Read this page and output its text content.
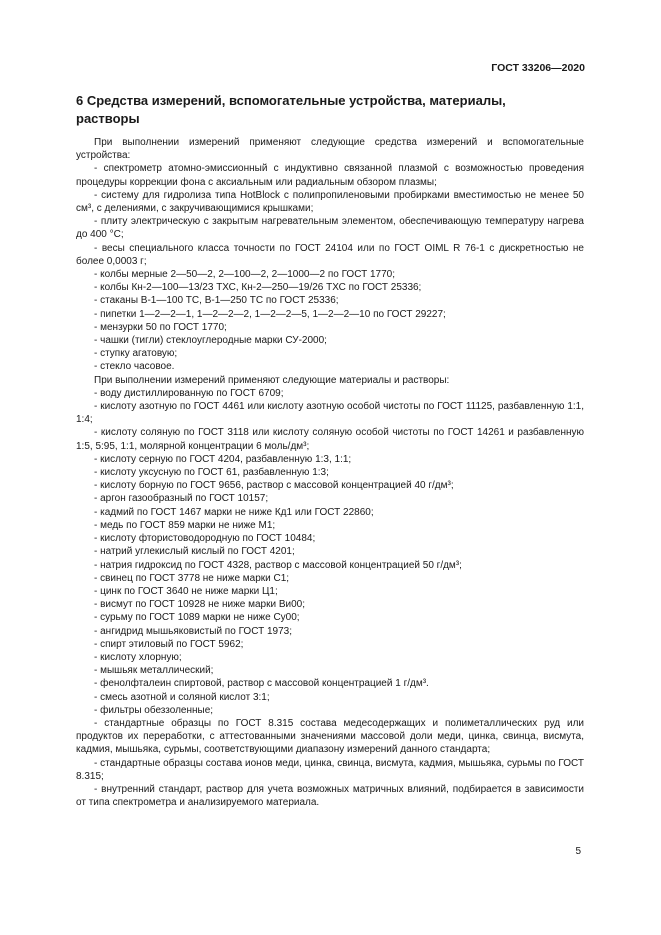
ГОСТ 33206—2020
6 Средства измерений, вспомогательные устройства, материалы,
растворы

При выполнении измерений применяют следующие средства измерений и вспомогательные устройства:

- спектрометр атомно-эмиссионный с индуктивно связанной плазмой с возможностью проведения процедуры коррекции фона с аксиальным или радиальным обзором плазмы;

- систему для гидролиза типа HotBlock с полипропиленовыми пробирками вместимостью не менее 50 см³, с делениями, с закручивающимися крышками;

- плиту электрическую с закрытым нагревательным элементом, обеспечивающую температуру нагрева до 400 °С;

- весы специального класса точности по ГОСТ 24104 или по ГОСТ OIML R 76-1 с дискретностью не более 0,0003 г;

- колбы мерные 2—50—2, 2—100—2, 2—1000—2 по ГОСТ 1770;

- колбы Кн-2—100—13/23 ТХС, Кн-2—250—19/26 ТХС по ГОСТ 25336;

- стаканы В-1—100 ТС, В-1—250 ТС по ГОСТ 25336;

- пипетки 1—2—2—1, 1—2—2—2, 1—2—2—5, 1—2—2—10 по ГОСТ 29227;

- мензурки 50 по ГОСТ 1770;

- чашки (тигли) стеклоуглеродные марки СУ-2000;

- ступку агатовую;

- стекло часовое.

При выполнении измерений применяют следующие материалы и растворы:

- воду дистиллированную по ГОСТ 6709;

- кислоту азотную по ГОСТ 4461 или кислоту азотную особой чистоты по ГОСТ 11125, разбавленную 1:1, 1:4;

- кислоту соляную по ГОСТ 3118 или кислоту соляную особой чистоты по ГОСТ 14261 и разбавленную 1:5, 5:95, 1:1, молярной концентрации 6 моль/дм³;

- кислоту серную по ГОСТ 4204, разбавленную 1:3, 1:1;

- кислоту уксусную по ГОСТ 61, разбавленную 1:3;

- кислоту борную по ГОСТ 9656, раствор с массовой концентрацией 40 г/дм³;

- аргон газообразный по ГОСТ 10157;

- кадмий по ГОСТ 1467 марки не ниже Кд1 или ГОСТ 22860;

- медь по ГОСТ 859 марки не ниже М1;

- кислоту фтористоводородную по ГОСТ 10484;

- натрий углекислый кислый по ГОСТ 4201;

- натрия гидроксид по ГОСТ 4328, раствор с массовой концентрацией 50 г/дм³;

- свинец по ГОСТ 3778 не ниже марки С1;

- цинк по ГОСТ 3640 не ниже марки Ц1;

- висмут по ГОСТ 10928 не ниже марки Ви00;

- сурьму по ГОСТ 1089 марки не ниже Су00;

- ангидрид мышьяковистый по ГОСТ 1973;

- спирт этиловый по ГОСТ 5962;

- кислоту хлорную;

- мышьяк металлический;

- фенолфталеин спиртовой, раствор с массовой концентрацией 1 г/дм³.

- смесь азотной и соляной кислот 3:1;

- фильтры обеззоленные;

- стандартные образцы по ГОСТ 8.315 состава медесодержащих и полиметаллических руд или продуктов их переработки, с аттестованными значениями массовой доли меди, цинка, свинца, висмута, кадмия, мышьяка, сурьмы, соответствующими диапазону измерений данного стандарта;

- стандартные образцы состава ионов меди, цинка, свинца, висмута, кадмия, мышьяка, сурьмы по ГОСТ 8.315;

- внутренний стандарт, раствор для учета возможных матричных влияний, подбирается в зависимости от типа спектрометра и анализируемого материала.

5
